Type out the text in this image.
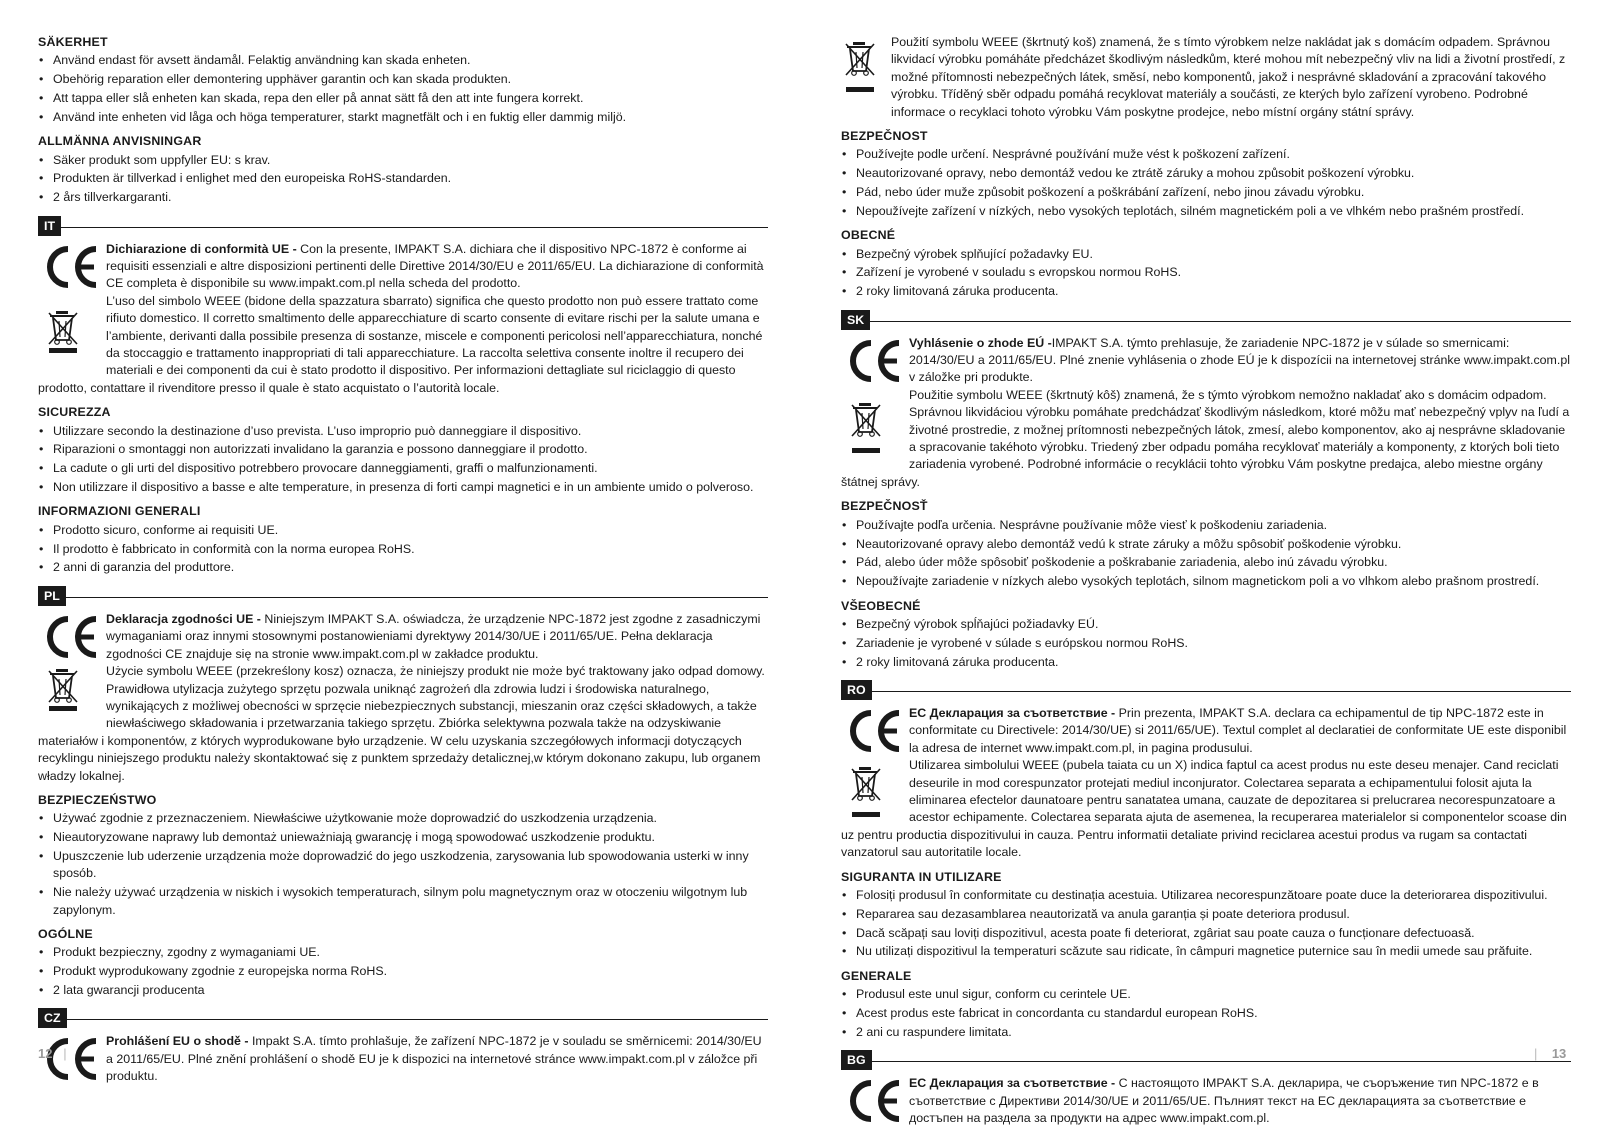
SÄKERHET
• Använd endast för avsett ändamål. Felaktig användning kan skada enheten.
• Obehörig reparation eller demontering upphäver garantin och kan skada produkten.
• Att tappa eller slå enheten kan skada, repa den eller på annat sätt få den att inte fungera korrekt.
• Använd inte enheten vid låga och höga temperaturer, starkt magnetfält och i en fuktig eller dammig miljö.
ALLMÄNNA ANVISNINGAR
• Säker produkt som uppfyller EU: s krav.
• Produkten är tillverkad i enlighet med den europeiska RoHS-standarden.
• 2 års tillverkargaranti.
IT

Dichiarazione di conformità UE - Con la presente, IMPAKT S.A. dichiara che il dispositivo NPC-1872 è conforme ai requisiti essenziali e altre disposizioni pertinenti delle Direttive 2014/30/EU e 2011/65/EU. La dichiarazione di conformità CE completa è disponibile su www.impakt.com.pl nella scheda del prodotto.

L’uso del simbolo WEEE (bidone della spazzatura sbarrato) significa che questo prodotto non può essere trattato come rifiuto domestico. Il corretto smaltimento delle apparecchiature di scarto consente di evitare rischi per la salute umana e l’ambiente, derivanti dalla possibile presenza di sostanze, miscele e componenti pericolosi nell’apparecchiatura, nonché da stoccaggio e trattamento inappropriati di tali apparecchiature. La raccolta selettiva consente inoltre il recupero dei materiali e dei componenti da cui è stato prodotto il dispositivo. Per informazioni dettagliate sul riciclaggio di questo prodotto, contattare il rivenditore presso il quale è stato acquistato o l’autorità locale.

SICUREZZA
• Utilizzare secondo la destinazione d’uso prevista. L’uso improprio può danneggiare il dispositivo.
• Riparazioni o smontaggi non autorizzati invalidano la garanzia e possono danneggiare il prodotto.
• La cadute o gli urti del dispositivo potrebbero provocare danneggiamenti, graffi o malfunzionamenti.
• Non utilizzare il dispositivo a basse e alte temperature, in presenza di forti campi magnetici e in un ambiente umido o polveroso.
INFORMAZIONI GENERALI
• Prodotto sicuro, conforme ai requisiti UE.
• Il prodotto è fabbricato in conformità con la norma europea RoHS.
• 2 anni di garanzia del produttore.
PL

Deklaracja zgodności UE - Niniejszym IMPAKT S.A. oświadcza, że urządzenie NPC-1872 jest zgodne z zasadniczymi wymaganiami oraz innymi stosownymi postanowieniami dyrektywy 2014/30/UE i 2011/65/UE. Pełna deklaracja zgodności CE znajduje się na stronie www.impakt.com.pl w zakładce produktu.

Użycie symbolu WEEE (przekreślony kosz) oznacza, że niniejszy produkt nie może być traktowany jako odpad domowy. Prawidłowa utylizacja zużytego sprzętu pozwala uniknąć zagrożeń dla zdrowia ludzi i środowiska naturalnego, wynikających z możliwej obecności w sprzęcie niebezpiecznych substancji, mieszanin oraz części składowych, a także niewłaściwego składowania i przetwarzania takiego sprzętu. Zbiórka selektywna pozwala także na odzyskiwanie materiałów i komponentów, z których wyprodukowane było urządzenie. W celu uzyskania szczegółowych informacji dotyczących recyklingu niniejszego produktu należy skontaktować się z punktem sprzedaży detalicznej,w którym dokonano zakupu, lub organem władzy lokalnej.

BEZPIECZEŃSTWO
• Używać zgodnie z przeznaczeniem. Niewłaściwe użytkowanie może doprowadzić do uszkodzenia urządzenia.
• Nieautoryzowane naprawy lub demontaż unieważniają gwarancję i mogą spowodować uszkodzenie produktu.
• Upuszczenie lub uderzenie urządzenia może doprowadzić do jego uszkodzenia, zarysowania lub spowodowania usterki w inny sposób.
• Nie należy używać urządzenia w niskich i wysokich temperaturach, silnym polu magnetycznym oraz w otoczeniu wilgotnym lub zapylonym.
OGÓLNE
• Produkt bezpieczny, zgodny z wymaganiami UE.
• Produkt wyprodukowany zgodnie z europejska norma RoHS.
• 2 lata gwarancji producenta
CZ

Prohlášení EU o shodě - Impakt S.A. tímto prohlašuje, že zařízení NPC-1872 je v souladu se směrnicemi: 2014/30/EU a 2011/65/EU. Plné znění prohlášení o shodě EU je k dispozici na internetové stránce www.impakt.com.pl v záložce při produktu.

12   |

Použití symbolu WEEE (škrtnutý koš) znamená, že s tímto výrobkem nelze nakládat jak s domácím odpadem. Správnou likvidací výrobku pomáháte předcházet škodlivým následkům, které mohou mít nebezpečný vliv na lidi a životní prostředí, z možné přítomnosti nebezpečných látek, směsí, nebo komponentů, jakož i nesprávné skladování a zpracování takového výrobku. Tříděný sběr odpadu pomáhá recyklovat materiály a součásti, ze kterých bylo zařízení vyrobeno. Podrobné informace o recyklaci tohoto výrobku Vám poskytne prodejce, nebo místní orgány státní správy.

BEZPEČNOST
• Používejte podle určení. Nesprávné používání muže vést k poškození zařízení.
• Neautorizované opravy, nebo demontáž vedou ke ztrátě záruky a mohou způsobit poškození výrobku.
• Pád, nebo úder muže způsobit poškození a poškrábání zařízení, nebo jinou závadu výrobku.
• Nepoužívejte zařízení v nízkých, nebo vysokých teplotách, silném magnetickém poli a ve vlhkém nebo prašném prostředí.
OBECNÉ
• Bezpečný výrobek splňující požadavky EU.
• Zařízení je vyrobené v souladu s evropskou normou RoHS.
• 2 roky limitovaná záruka producenta.
SK

Vyhlásenie o zhode EÚ -IMPAKT S.A. týmto prehlasuje, že zariadenie NPC-1872 je v súlade so smernicami: 2014/30/EU a 2011/65/EU. Plné znenie vyhlásenia o zhode EÚ je k dispozícii na internetovej stránke www.impakt.com.pl v záložke pri produkte.

Použitie symbolu WEEE (škrtnutý kôš) znamená, že s týmto výrobkom nemožno nakladať ako s domácim odpadom. Správnou likvidáciou výrobku pomáhate predchádzať škodlivým následkom, ktoré môžu mať nebezpečný vplyv na ľudí a životné prostredie, z možnej prítomnosti nebezpečných látok, zmesí, alebo komponentov, ako aj nesprávne skladovanie a spracovanie takéhoto výrobku. Triedený zber odpadu pomáha recyklovať materiály a komponenty, z ktorých boli tieto zariadenia vyrobené. Podrobné informácie o recyklácii tohto výrobku Vám poskytne predajca, alebo miestne orgány štátnej správy.

BEZPEČNOSŤ
• Používajte podľa určenia. Nesprávne používanie môže viesť k poškodeniu zariadenia.
• Neautorizované opravy alebo demontáž vedú k strate záruky a môžu spôsobiť poškodenie výrobku.
• Pád, alebo úder môže spôsobiť poškodenie a poškrabanie zariadenia, alebo inú závadu výrobku.
• Nepoužívajte zariadenie v nízkych alebo vysokých teplotách, silnom magnetickom poli a vo vlhkom alebo prašnom prostredí.
VŠEOBECNÉ
• Bezpečný výrobok spĺňajúci požiadavky EÚ.
• Zariadenie je vyrobené v súlade s európskou normou RoHS.
• 2 roky limitovaná záruka producenta.
RO

ЕС Декларация за съответствие - Prin prezenta, IMPAKT S.A. declara ca echipamentul de tip NPC-1872 este in conformitate cu Directivele: 2014/30/UE) si 2011/65/UE). Textul complet al declaratiei de conformitate UE este disponibil la adresa de internet www.impakt.com.pl, in pagina produsului.

Utilizarea simbolului WEEE (pubela taiata cu un X) indica faptul ca acest produs nu este deseu menajer. Cand reciclati deseurile in mod corespunzator protejati mediul inconjurator. Colectarea separata a echipamentului folosit ajuta la eliminarea efectelor daunatoare pentru sanatatea umana, cauzate de depozitarea si prelucrarea necorespunzatoare a acestor echipamente. Colectarea separata ajuta de asemenea, la recuperarea materialelor si componentelor scoase din uz pentru productia dispozitivului in cauza. Pentru informatii detaliate privind reciclarea acestui produs va rugam sa contactati vanzatorul sau autoritatile locale.

SIGURANTA IN UTILIZARE
• Folosiți produsul în conformitate cu destinația acestuia. Utilizarea necorespunzătoare poate duce la deteriorarea dispozitivului.
• Repararea sau dezasamblarea neautorizată va anula garanția și poate deteriora produsul.
• Dacă scăpați sau loviți dispozitivul, acesta poate fi deteriorat, zgâriat sau poate cauza o funcționare defectuoasă.
• Nu utilizați dispozitivul la temperaturi scăzute sau ridicate, în câmpuri magnetice puternice sau în medii umede sau prăfuite.
GENERALE
• Produsul este unul sigur, conform cu cerintele UE.
• Acest produs este fabricat in concordanta cu standardul european RoHS.
• 2 ani cu raspundere limitata.
BG

ЕС Декларация за съответствие - С настоящото IMPAKT S.A. декларира, че съоръжение тип NPC-1872 е в съответствие с Директиви 2014/30/UE и 2011/65/UE. Пълният текст на ЕС декларацията за съответствие е достъпен на раздела за продукти на адрес www.impakt.com.pl.

|    13
